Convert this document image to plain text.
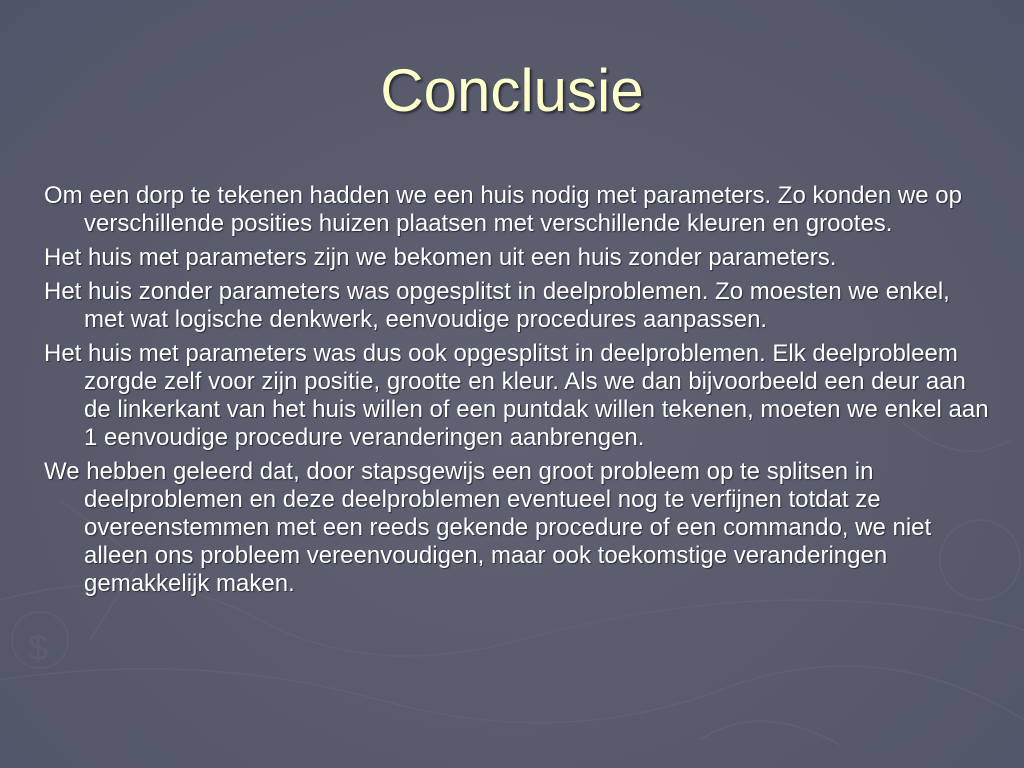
$
Conclusie
Om een dorp te tekenen hadden we een huis nodig met parameters. Zo konden we op verschillende posities huizen plaatsen met verschillende kleuren en grootes.
Het huis met parameters zijn we bekomen uit een huis zonder parameters.
Het huis zonder parameters was opgesplitst in deelproblemen. Zo moesten we enkel, met wat logische denkwerk, eenvoudige procedures aanpassen.
Het huis met parameters was dus ook opgesplitst in deelproblemen. Elk deelprobleem zorgde zelf voor zijn positie, grootte en kleur. Als we dan bijvoorbeeld een deur aan de linkerkant van het huis willen of een puntdak willen tekenen, moeten we enkel aan 1 eenvoudige procedure veranderingen aanbrengen.
We hebben geleerd dat, door stapsgewijs een groot probleem op te splitsen in deelproblemen en deze deelproblemen eventueel nog te verfijnen totdat ze overeenstemmen met een reeds gekende procedure of een commando, we niet alleen ons probleem vereenvoudigen, maar ook toekomstige veranderingen gemakkelijk maken.
